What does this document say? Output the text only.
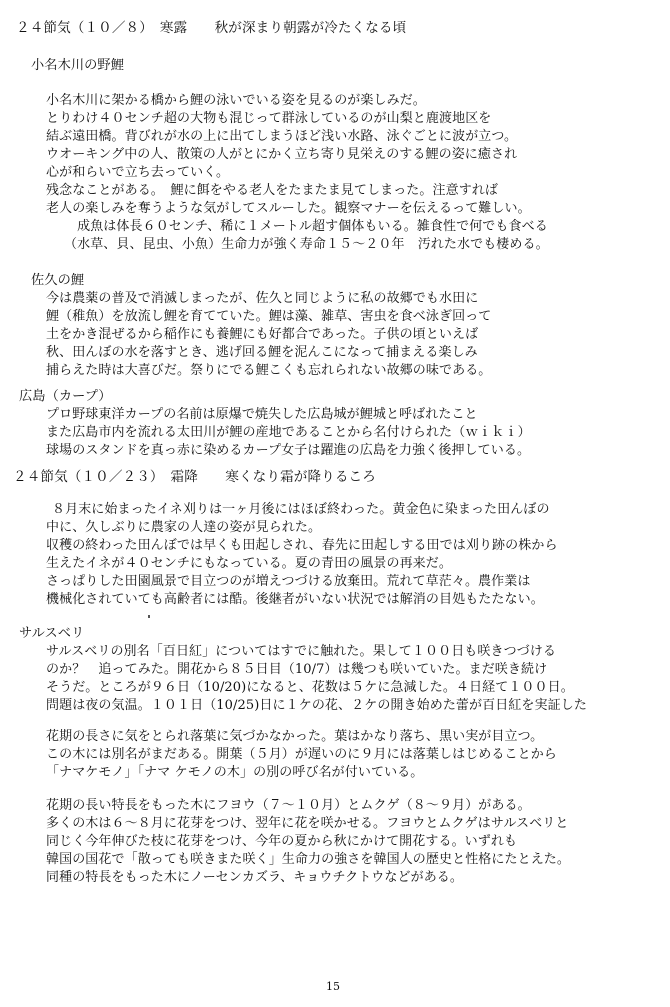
２４節気（１０／８）　寒露　　秋が深まり朝露が冷たくなる頃
小名木川の野鯉
小名木川に架かる橋から鯉の泳いでいる姿を見るのが楽しみだ。
とりわけ４０センチ超の大物も混じって群泳しているのが山梨と鹿渡地区を
結ぶ遠田橋。背びれが水の上に出てしまうほど浅い水路、泳ぐごとに波が立つ。
ウオーキング中の人、散策の人がとにかく立ち寄り見栄えのする鯉の姿に癒され
心が和らいで立ち去っていく。
残念なことがある。　鯉に餌をやる老人をたまたま見てしまった。注意すれば
老人の楽しみを奪うような気がしてスルーした。観察マナーを伝えるって難しい。
　成魚は体長６０センチ、稀に１メートル超す個体もいる。雑食性で何でも食べる
（水草、貝、昆虫、小魚）生命力が強く寿命１５～２０年　汚れた水でも棲める。
佐久の鯉
今は農薬の普及で消滅しまったが、佐久と同じように私の故郷でも水田に
鯉（稚魚）を放流し鯉を育てていた。鯉は藻、雑草、害虫を食べ泳ぎ回って
土をかき混ぜるから稲作にも養鯉にも好都合であった。子供の頃といえば
秋、田んぼの水を落すとき、逃げ回る鯉を泥んこになって捕まえる楽しみ
捕らえた時は大喜びだ。祭りにでる鯉こくも忘れられない故郷の味である。
広島（カープ）
プロ野球東洋カープの名前は原爆で焼失した広島城が鯉城と呼ばれたこと
また広島市内を流れる太田川が鯉の産地であることから名付けられた（ｗｉｋｉ）
球場のスタンドを真っ赤に染めるカープ女子は躍進の広島を力強く後押している。
２４節気（１０／２３）　霜降　　寒くなり霜が降りるころ
８月末に始まったイネ刈りは一ヶ月後にはほぼ終わった。黄金色に染まった田んぼの
中に、久しぶりに農家の人達の姿が見られた。
収穫の終わった田んぼでは早くも田起しされ、春先に田起しする田では刈り跡の株から
生えたイネが４０センチにもなっている。夏の青田の風景の再来だ。
さっぱりした田園風景で目立つのが増えつづける放棄田。荒れて草茫々。農作業は
機械化されていても高齢者には酷。後継者がいない状況では解消の目処もたたない。
サルスベリ
サルスベリの別名「百日紅」についてはすでに触れた。果して１００日も咲きつづける
のか？　追ってみた。開花から８５日目（10/7）は幾つも咲いていた。まだ咲き続け
そうだ。ところが９６日（10/20)になると、花数は５ケに急減した。４日経て１００日。
問題は夜の気温。１０１日（10/25)日に１ケの花、２ケの開き始めた蕾が百日紅を実証した
花期の長さに気をとられ落葉に気づかなかった。葉はかなり落ち、黒い実が目立つ。
この木には別名がまだある。開葉（５月）が遅いのに９月には落葉しはじめることから
「ナマケモノ」「ナマ ケモノの木」の別の呼び名が付いている。
花期の長い特長をもった木にフヨウ（７～１０月）とムクゲ（８～９月）がある。
多くの木は６～８月に花芽をつけ、翌年に花を咲かせる。フヨウとムクゲはサルスベリと
同じく今年伸びた枝に花芽をつけ、今年の夏から秋にかけて開花する。いずれも
韓国の国花で「散っても咲きまた咲く」生命力の強さを韓国人の歴史と性格にたとえた。
同種の特長をもった木にノーセンカズラ、キョウチクトウなどがある。
15
